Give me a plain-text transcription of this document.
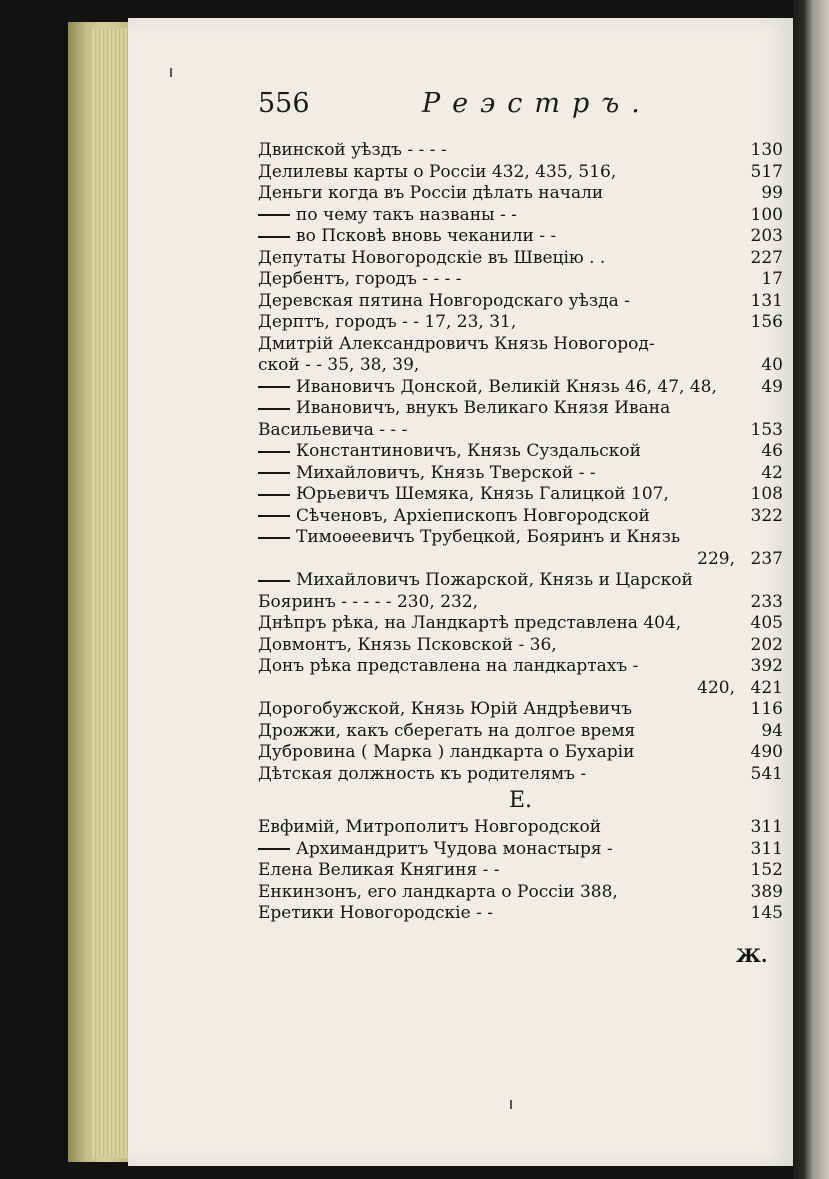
556	Реэстръ.
Двинской уѣздъ - - - -	130
Делилевы карты о Россіи 432, 435, 516,	517
Деньги когда въ Россіи дѣлать начали	99
по чему такъ названы - -	100
во Псковѣ вновь чеканили - -	203
Депутаты Новогородскіе въ Швецію . .	227
Дербентъ, городъ - - - -	17
Деревская пятина Новгородскаго уѣзда -	131
Дерптъ, городъ - - 17, 23, 31,	156
Дмитрій Александровичъ Князь Новогород-
ской - - 35, 38, 39,	40
Ивановичъ Донской, Великій Князь 46, 47, 48,	49
Ивановичъ, внукъ Великаго Князя Ивана
Васильевича - - -	153
Константиновичъ, Князь Суздальской	46
Михайловичъ, Князь Тверской - -	42
Юрьевичъ Шемяка, Князь Галицкой 107,	108
Сѣченовъ, Архіепископъ Новгородской	322
Тимоѳеевичъ Трубецкой, Бояринъ и Князь
229, 237
Михайловичъ Пожарской, Князь и Царской
Бояринъ - - - - - 230, 232,	233
Днѣпръ рѣка, на Ландкартѣ представлена 404,	405
Довмонтъ, Князь Псковской - 36,	202
Донъ рѣка представлена на ландкартахъ -	392
420, 421
Дорогобужской, Князь Юрій Андрѣевичъ	116
Дрожжи, какъ сберегать на долгое время	94
Дубровина ( Марка ) ландкарта о Бухаріи	490
Дѣтская должность къ родителямъ -	541
Е.
Евфимій, Митрополитъ Новгородской	311
Архимандритъ Чудова монастыря -	311
Елена Великая Княгиня - -	152
Енкинзонъ, его ландкарта о Россіи 388,	389
Еретики Новогородскіе - -	145
Ж.
